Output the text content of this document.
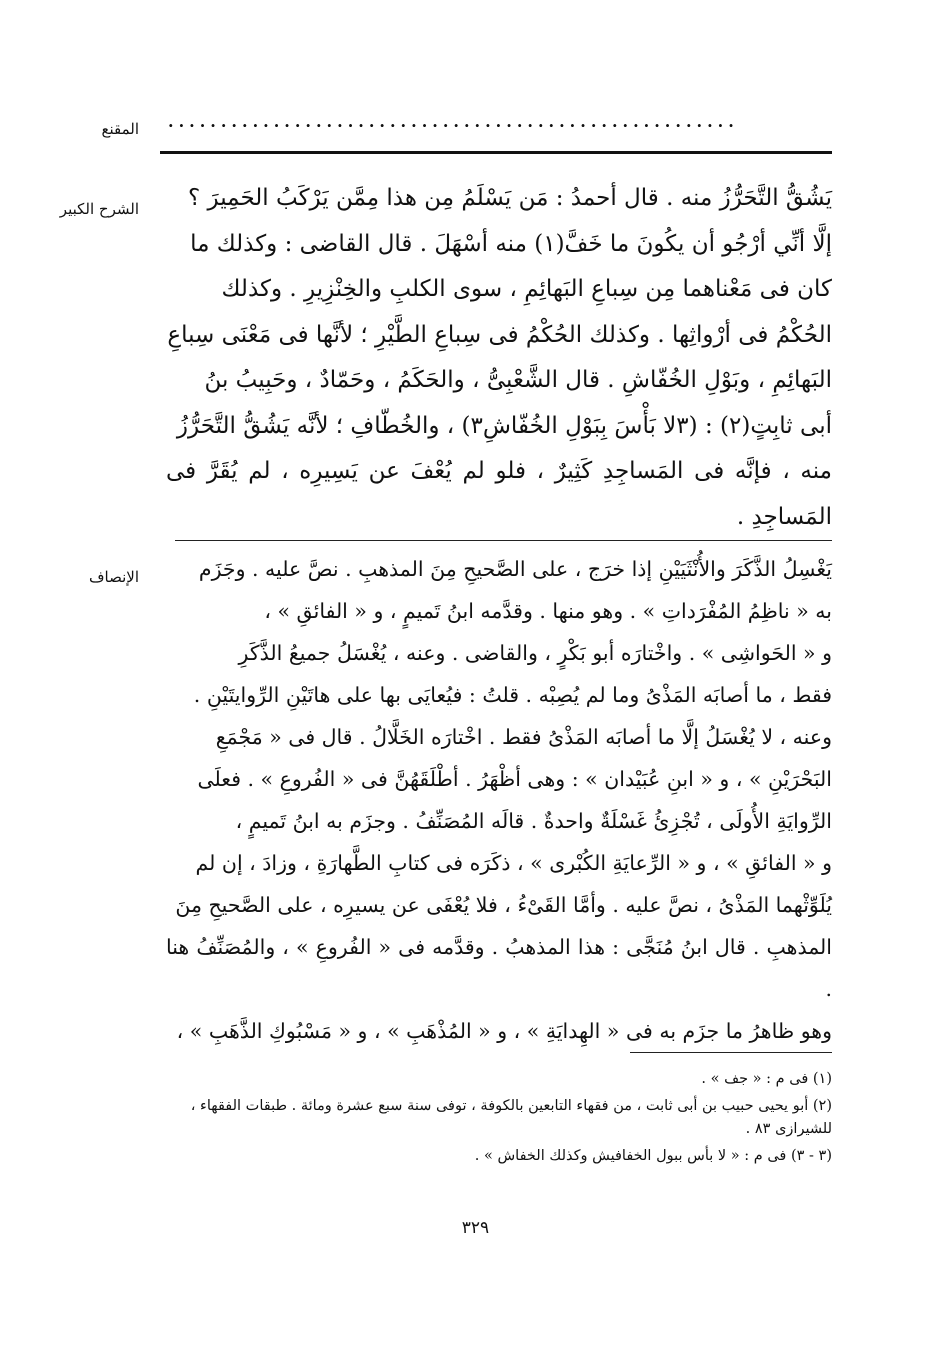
المقنع ......................................................
الشرح الكبير	يَشُقُّ التَّحَرُّزُ منه . قال أحمدُ : مَن يَسْلَمُ مِن هذا مِمَّن يَرْكَبُ الحَمِيرَ ؟

إلَّا أنِّي أرْجُو أن يكُونَ ما خَفَّ(١) منه أسْهَلَ . قال القاضى : وكذلك ما

كان فى مَعْناهما مِن سِباعِ البَهائِمِ ، سوى الكلبِ والخِنْزِيرِ . وكذلك

الحُكْمُ فى أرْواثِها . وكذلك الحُكْمُ فى سِباعِ الطَّيْرِ ؛ لأنَّها فى مَعْنَى سِباعِ

البَهائِمِ ، وبَوْلِ الخُفّاشِ . قال الشَّعْبِىُّ ، والحَكَمُ ، وحَمّادٌ ، وحَبِيبُ بنُ

أبى ثابِتٍ(٢) : (٣لا بَأْسَ بِبَوْلِ الخُفّاشِ٣) ، والخُطّافِ ؛ لأنَّه يَشُقُّ التَّحَرُّزُ

منه ، فإنَّه فى المَساجِدِ كَثِيرٌ ، فلو لم يُعْفَ عن يَسِيرِه ، لم يُقَرَّ فى المَساجِدِ .

الإنصاف	يَغْسِلُ الذَّكَرَ والأُنْثَيَيْنِ إذا خرَج ، على الصَّحيحِ مِنَ المذهبِ . نصَّ عليه . وجَزَم

به « ناظِمُ المُفْرَداتِ » . وهو منها . وقدَّمه ابنُ تَميمٍ ، و « الفائقِ » ،

و « الحَواشِى » . واخْتارَه أبو بَكْرٍ ، والقاضى . وعنه ، يُغْسَلُ جميعُ الذَّكَرِ

فقط ، ما أصابَه المَذْىُ وما لم يُصِبْه . قلتُ : فيُعايَى بها على هاتَيْنِ الرِّوايتَيْنِ .

وعنه ، لا يُغْسَلُ إلَّا ما أصابَه المَذْىُ فقط . اخْتارَه الخَلَّالُ . قال فى « مَجْمَعِ

البَحْرَيْنِ » ، و « ابنِ عُبَيْدان » : وهى أظْهَرُ . أطْلَقَهُنَّ فى « الفُروعِ » . فعلَى

الرِّوايَةِ الأُولَى ، تُجْزِئُ غَسْلَةٌ واحدةٌ . قالَه المُصَنِّفُ . وجزَم به ابنُ تَميمٍ ،

و « الفائقِ » ، و « الرِّعايَةِ الكُبْرى » ، ذكَرَه فى كتابِ الطَّهارَةِ ، وزادَ ، إن لم

يُلَوِّثْهما المَذْىُ ، نصَّ عليه . وأمَّا القَىْءُ ، فلا يُعْفَى عن يسيرِه ، على الصَّحيحِ مِنَ

المذهبِ . قال ابنُ مُنَجَّى : هذا المذهبُ . وقدَّمه فى « الفُروعِ » ، والمُصَنِّفُ هنا .

وهو ظاهرُ ما جزَم به فى « الهِدايَةِ » ، و « المُذْهَبِ » ، و « مَسْبُوكِ الذَّهَبِ » ،

(١) فى م : « جف » .

(٢) أبو يحيى حبيب بن أبى ثابت ، من فقهاء التابعين بالكوفة ، توفى سنة سبع عشرة ومائة . طبقات الفقهاء ، للشيرازى ٨٣ .

(٣ - ٣) فى م : « لا بأس ببول الخفافيش وكذلك الخفاش » .

٣٢٩
